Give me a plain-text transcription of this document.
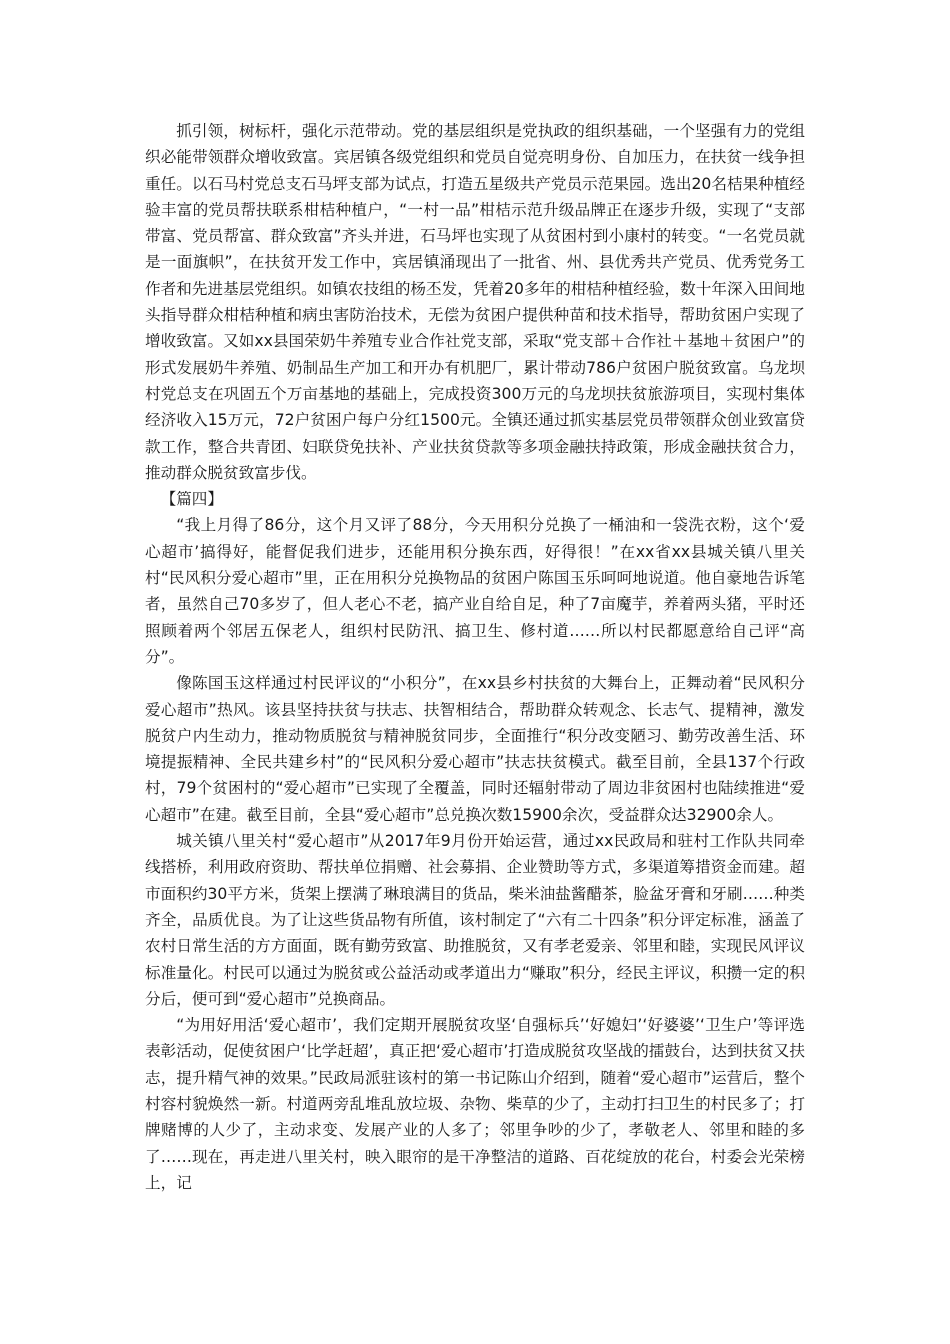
抓引领，树标杆，强化示范带动。党的基层组织是党执政的组织基础，一个坚强有力的党组织必能带领群众增收致富。宾居镇各级党组织和党员自觉亮明身份、自加压力，在扶贫一线争担重任。以石马村党总支石马坪支部为试点，打造五星级共产党员示范果园。选出20名桔果种植经验丰富的党员帮扶联系柑桔种植户，“一村一品”柑桔示范升级品牌正在逐步升级，实现了“支部带富、党员帮富、群众致富”齐头并进，石马坪也实现了从贫困村到小康村的转变。“一名党员就是一面旗帜”，在扶贫开发工作中，宾居镇涌现出了一批省、州、县优秀共产党员、优秀党务工作者和先进基层党组织。如镇农技组的杨丕发，凭着20多年的柑桔种植经验，数十年深入田间地头指导群众柑桔种植和病虫害防治技术，无偿为贫困户提供种苗和技术指导，帮助贫困户实现了增收致富。又如xx县国荣奶牛养殖专业合作社党支部，采取“党支部＋合作社＋基地＋贫困户”的形式发展奶牛养殖、奶制品生产加工和开办有机肥厂，累计带动786户贫困户脱贫致富。乌龙坝村党总支在巩固五个万亩基地的基础上，完成投资300万元的乌龙坝扶贫旅游项目，实现村集体经济收入15万元，72户贫困户每户分红1500元。全镇还通过抓实基层党员带领群众创业致富贷款工作，整合共青团、妇联贷免扶补、产业扶贫贷款等多项金融扶持政策，形成金融扶贫合力，推动群众脱贫致富步伐。

【篇四】

“我上月得了86分，这个月又评了88分，今天用积分兑换了一桶油和一袋洗衣粉，这个‘爱心超市’搞得好，能督促我们进步，还能用积分换东西，好得很！”在xx省xx县城关镇八里关村“民风积分爱心超市”里，正在用积分兑换物品的贫困户陈国玉乐呵呵地说道。他自豪地告诉笔者，虽然自己70多岁了，但人老心不老，搞产业自给自足，种了7亩魔芋，养着两头猪，平时还照顾着两个邻居五保老人，组织村民防汛、搞卫生、修村道……所以村民都愿意给自己评“高分”。

像陈国玉这样通过村民评议的“小积分”，在xx县乡村扶贫的大舞台上，正舞动着“民风积分爱心超市”热风。该县坚持扶贫与扶志、扶智相结合，帮助群众转观念、长志气、提精神，激发脱贫户内生动力，推动物质脱贫与精神脱贫同步，全面推行“积分改变陋习、勤劳改善生活、环境提振精神、全民共建乡村”的“民风积分爱心超市”扶志扶贫模式。截至目前，全县137个行政村，79个贫困村的“爱心超市”已实现了全覆盖，同时还辐射带动了周边非贫困村也陆续推进“爱心超市”在建。截至目前，全县“爱心超市”总兑换次数15900余次，受益群众达32900余人。

城关镇八里关村“爱心超市”从2017年9月份开始运营，通过xx民政局和驻村工作队共同牵线搭桥，利用政府资助、帮扶单位捐赠、社会募捐、企业赞助等方式，多渠道筹措资金而建。超市面积约30平方米，货架上摆满了琳琅满目的货品，柴米油盐酱醋茶，脸盆牙膏和牙刷……种类齐全，品质优良。为了让这些货品物有所值，该村制定了“六有二十四条”积分评定标准，涵盖了农村日常生活的方方面面，既有勤劳致富、助推脱贫，又有孝老爱亲、邻里和睦，实现民风评议标准量化。村民可以通过为脱贫或公益活动或孝道出力“赚取”积分，经民主评议，积攒一定的积分后，便可到“爱心超市”兑换商品。

“为用好用活‘爱心超市’，我们定期开展脱贫攻坚‘自强标兵’‘好媳妇’‘好婆婆’‘卫生户’等评选表彰活动，促使贫困户‘比学赶超’，真正把‘爱心超市’打造成脱贫攻坚战的擂鼓台，达到扶贫又扶志，提升精气神的效果。”民政局派驻该村的第一书记陈山介绍到，随着“爱心超市”运营后，整个村容村貌焕然一新。村道两旁乱堆乱放垃圾、杂物、柴草的少了，主动打扫卫生的村民多了；打牌赌博的人少了，主动求变、发展产业的人多了；邻里争吵的少了，孝敬老人、邻里和睦的多了……现在，再走进八里关村，映入眼帘的是干净整洁的道路、百花绽放的花台，村委会光荣榜上，记
